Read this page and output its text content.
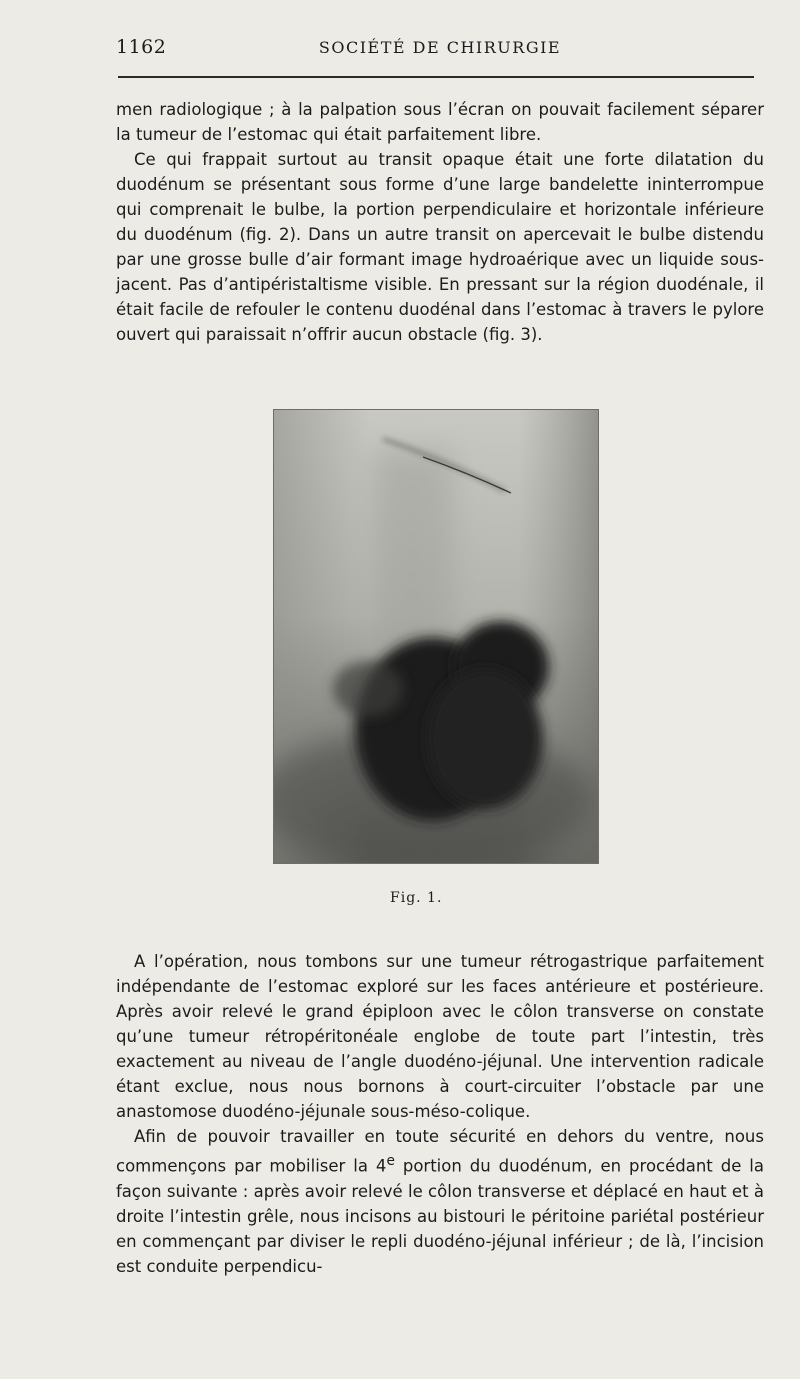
1162	SOCIÉTÉ DE CHIRURGIE

men radiologique ; à la palpation sous l’écran on pouvait facilement séparer la tumeur de l’estomac qui était parfaitement libre.

Ce qui frappait surtout au transit opaque était une forte dilatation du duodénum se présentant sous forme d’une large bandelette ininterrompue qui comprenait le bulbe, la portion perpendiculaire et horizontale inférieure du duodénum (fig. 2). Dans un autre transit on apercevait le bulbe distendu par une grosse bulle d’air formant image hydroaérique avec un liquide sous-jacent. Pas d’antipéristaltisme visible. En pressant sur la région duodénale, il était facile de refouler le contenu duodénal dans l’estomac à travers le pylore ouvert qui paraissait n’offrir aucun obstacle (fig. 3).

Fig. 1.

A l’opération, nous tombons sur une tumeur rétrogastrique parfaitement indépendante de l’estomac exploré sur les faces antérieure et postérieure. Après avoir relevé le grand épiploon avec le côlon transverse on constate qu’une tumeur rétropéritonéale englobe de toute part l’intestin, très exactement au niveau de l’angle duodéno-jéjunal. Une intervention radicale étant exclue, nous nous bornons à court-circuiter l’obstacle par une anastomose duodéno-jéjunale sous-méso-colique.

Afin de pouvoir travailler en toute sécurité en dehors du ventre, nous commençons par mobiliser la 4e portion du duodénum, en procédant de la façon suivante : après avoir relevé le côlon transverse et déplacé en haut et à droite l’intestin grêle, nous incisons au bistouri le péritoine pariétal postérieur en commençant par diviser le repli duodéno-jéjunal inférieur ; de là, l’incision est conduite perpendicu-
